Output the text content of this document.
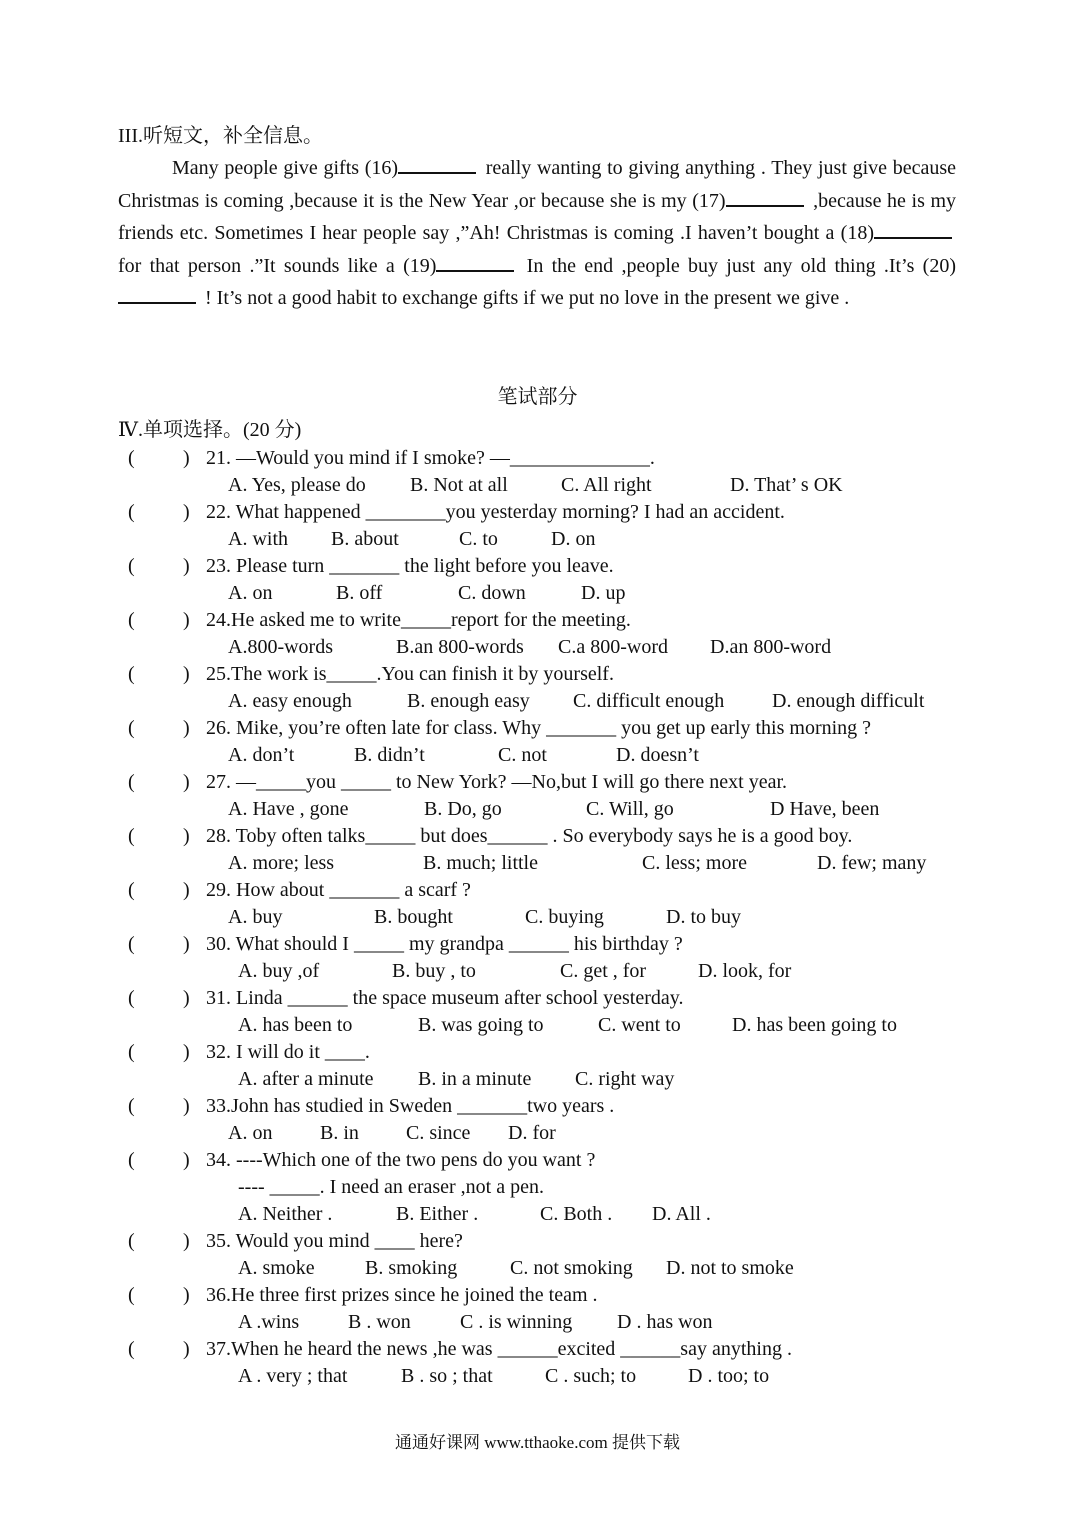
III.听短文，补全信息。
Many people give gifts (16)	really wanting to giving anything . They just give because Christmas is coming ,because it is the New Year ,or because she is my (17)	,because he is my friends etc. Sometimes I hear people say ,”Ah! Christmas is coming .I haven’t bought a (18) for that person .”It sounds like a (19)	In the end ,people buy just any old thing .It’s (20) ! It’s not a good habit to exchange gifts if we put no love in the present we give .
笔试部分
Ⅳ.单项选择。(20 分)
( ) 21. —Would you mind if I smoke? —______________.
A. Yes, please do B. Not at all	C. All right	D. That’ s OK
( ) 22. What happened ________you yesterday morning? I had an accident.
A. with B. about	C. to	D. on
( ) 23. Please turn _______ the light before you leave.
A. on	B. off	C. down	D. up
( ) 24.He asked me to write_____report for the meeting.
A.800-words	B.an 800-words C.a 800-word D.an 800-word
( ) 25.The work is_____.You can finish it by yourself.
A. easy enough	B. enough easy C. difficult enough D. enough difficult
( ) 26. Mike, you’re often late for class. Why _______ you get up early this morning ?
A. don’t	B. didn’t	C. not	D. doesn’t
( ) 27. —_____you _____ to New York? —No,but I will go there next year.
A. Have , gone	B. Do, go	C. Will, go	D Have, been
( ) 28. Toby often talks_____ but does______ . So everybody says he is a good boy.
A. more; less	B. much; little	C. less; more	D. few; many
( ) 29. How about _______ a scarf ?
A. buy	B. bought	C. buying	D. to buy
( ) 30. What should I _____ my grandpa ______ his birthday ?
A. buy ,of	B. buy , to	C. get , for	D. look, for
( ) 31. Linda ______ the space museum after school yesterday.
A. has been to	B. was going to	C. went to	D. has been going to
( ) 32. I will do it ____.
A. after a minute B. in a minute C. right way
( ) 33.John has studied in Sweden _______two years .
A. on B. in C. since D. for
( ) 34. ----Which one of the two pens do you want ?
---- _____. I need an eraser ,not a pen.
A. Neither .	B. Either .	C. Both . D. All .
( ) 35. Would you mind ____ here?
A. smoke	B. smoking	C. not smoking D. not to smoke
( ) 36.He three first prizes since he joined the team .
A .wins B . won C . is winning D . has won
( ) 37.When he heard the news ,he was ______excited ______say anything .
A . very ; that	B . so ; that	C . such; to	D . too; to
通通好课网 www.tthaoke.com 提供下载
